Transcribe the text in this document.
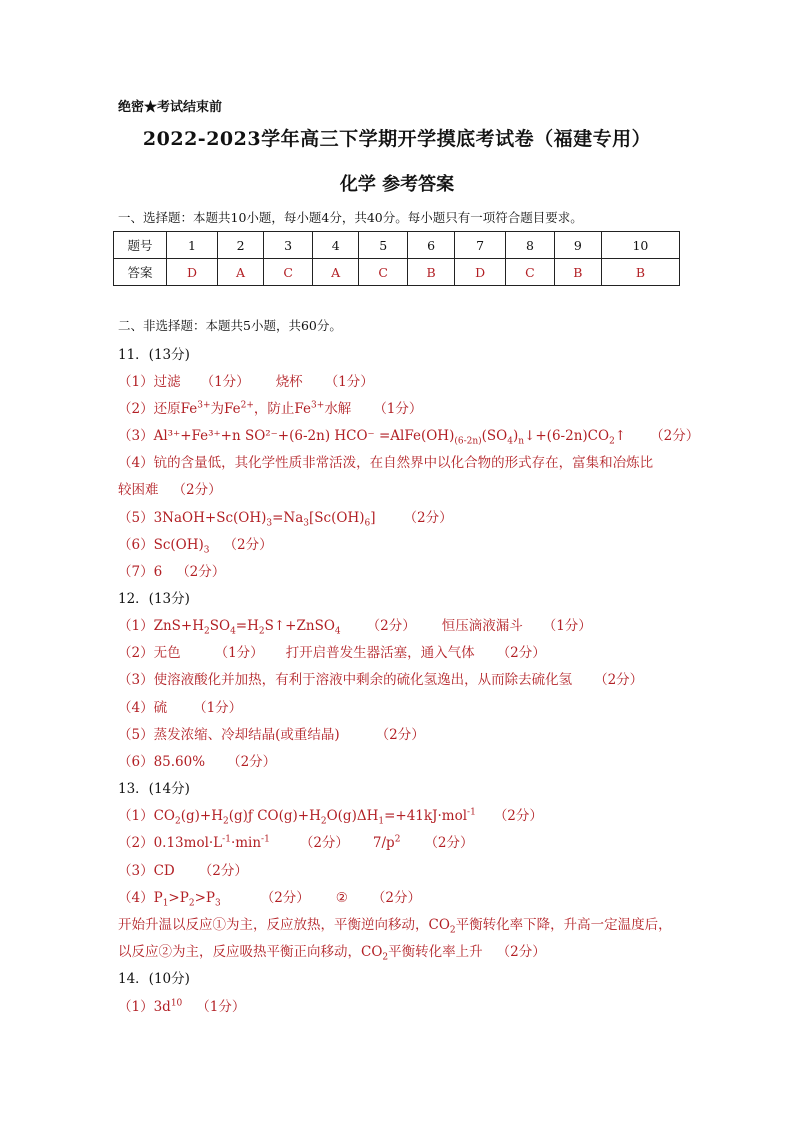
绝密★考试结束前
2022-2023学年高三下学期开学摸底考试卷（福建专用）
化学 参考答案
一、选择题：本题共10小题，每小题4分，共40分。每小题只有一项符合题目要求。
题号	1	2	3	4	5	6	7	8	9	10
答案	D	A	C	A	C	B	D	C	B	B
二、非选择题：本题共5小题，共60分。
11．(13分)
（1）过滤 （1分） 烧杯 （1分）
（2）还原$Fe^{3+}$为$Fe^{2+}$，防止$Fe^{3+}$水解 （1分）
（3）Al³⁺+Fe³⁺+n SO²⁻+(6-2n) $HCO^- =AlFe(OH)_{(6-2n)}(SO_4)_n↓+(6-2n)CO_2↑$ （2分）
（4）钪的含量低，其化学性质非常活泼，在自然界中以化合物的形式存在，富集和冶炼比
较困难 （2分）
$(5)3NaOH+Sc(OH)_3=Na_3[Sc(OH)_6]$ （2分）
$(6)Sc(OH)_3$ （2分）
（7）6 （2分）
12．(13分)
$(1)ZnS+H_2SO_4=H_2S↑+ZnSO_4$ （2分） 恒压滴液漏斗 （1分）
（2）无色	（1分） 打开启普发生器活塞，通入气体 （2分）
（3）使溶液酸化并加热，有利于溶液中剩余的硫化氢逸出，从而除去硫化氢 （2分）
（4）硫 （1分）
（5）蒸发浓缩、冷却结晶(或重结晶)	（2分）
（6）85.60% （2分）
13．(14分)
$(1)CO_2(g)+H_2(g)ƒ$ $CO(g)+H_2O(g)\Delta H_1=+41kJ\cdot mol^{-1}$ （2分）
$(2)0.13mol\cdot L^{-1}\cdot\min^{-1}$ （2分） $7/p^2$ （2分）
（3）CD （2分）
$(4)P_1>P_2>P_3$	（2分） ② （2分）
开始升温以反应①为主，反应放热，平衡逆向移动，$CO_2$平衡转化率下降，升高一定温度后，
以反应②为主，反应吸热平衡正向移动，$CO_2$平衡转化率上升 （2分）
14．(10分)
$(1)3d^{10}$ （1分）
